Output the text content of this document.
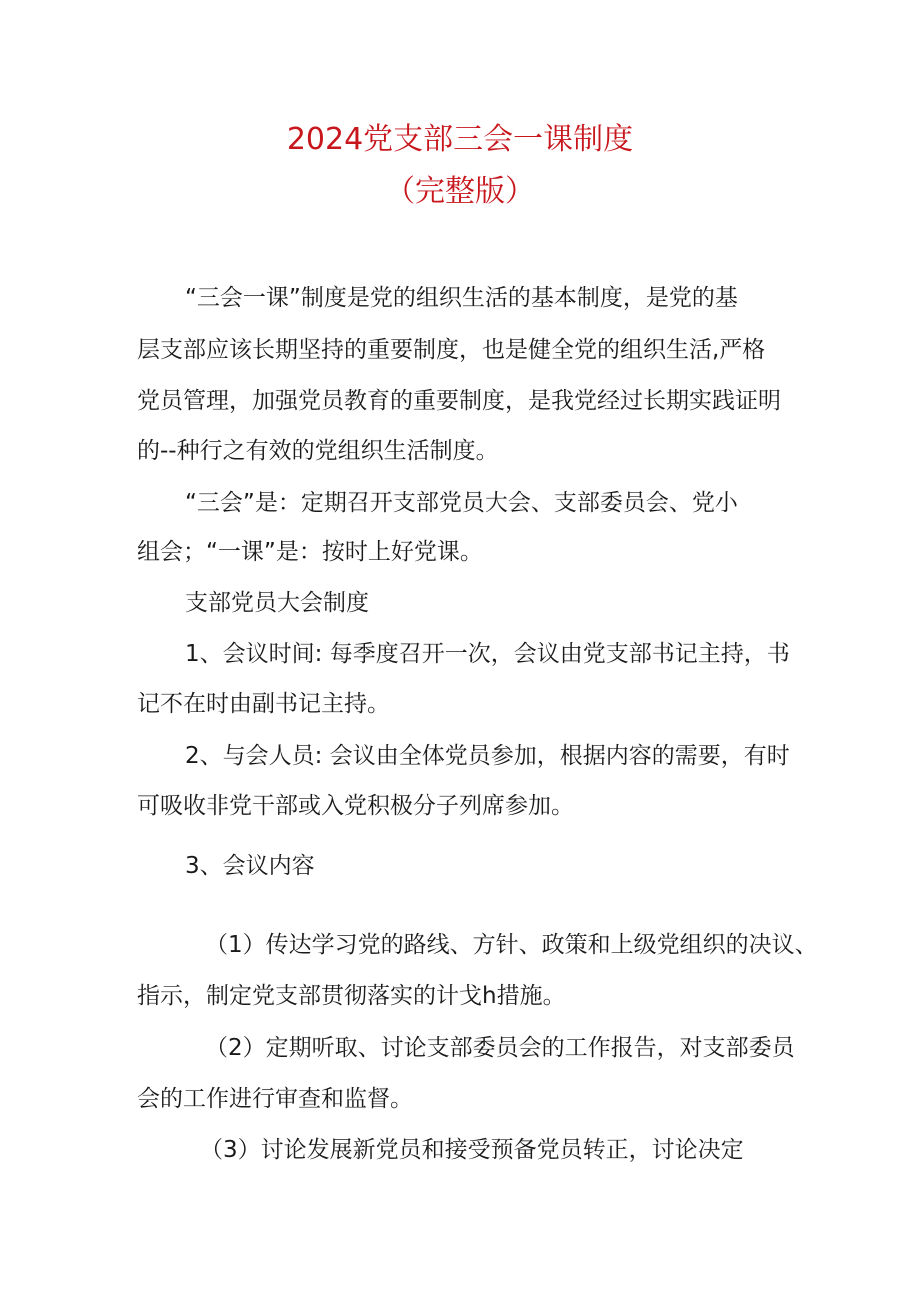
2024党支部三会一课制度
（完整版）

“三会一课”制度是党的组织生活的基本制度，是党的基

层支部应该长期坚持的重要制度，也是健全党的组织生活,严格

党员管理，加强党员教育的重要制度，是我党经过长期实践证明

的--种行之有效的党组织生活制度。

“三会”是：定期召开支部党员大会、支部委员会、党小

组会；“一课”是：按时上好党课。

支部党员大会制度

1、会议时间: 每季度召开一次，会议由党支部书记主持，书

记不在时由副书记主持。

2、与会人员: 会议由全体党员参加，根据内容的需要，有时

可吸收非党干部或入党积极分子列席参加。

3、会议内容

（1）传达学习党的路线、方针、政策和上级党组织的决议、

指示，制定党支部贯彻落实的计戈h措施。

（2）定期听取、讨论支部委员会的工作报告，对支部委员

会的工作进行审查和监督。

（3）讨论发展新党员和接受预备党员转正，讨论决定
